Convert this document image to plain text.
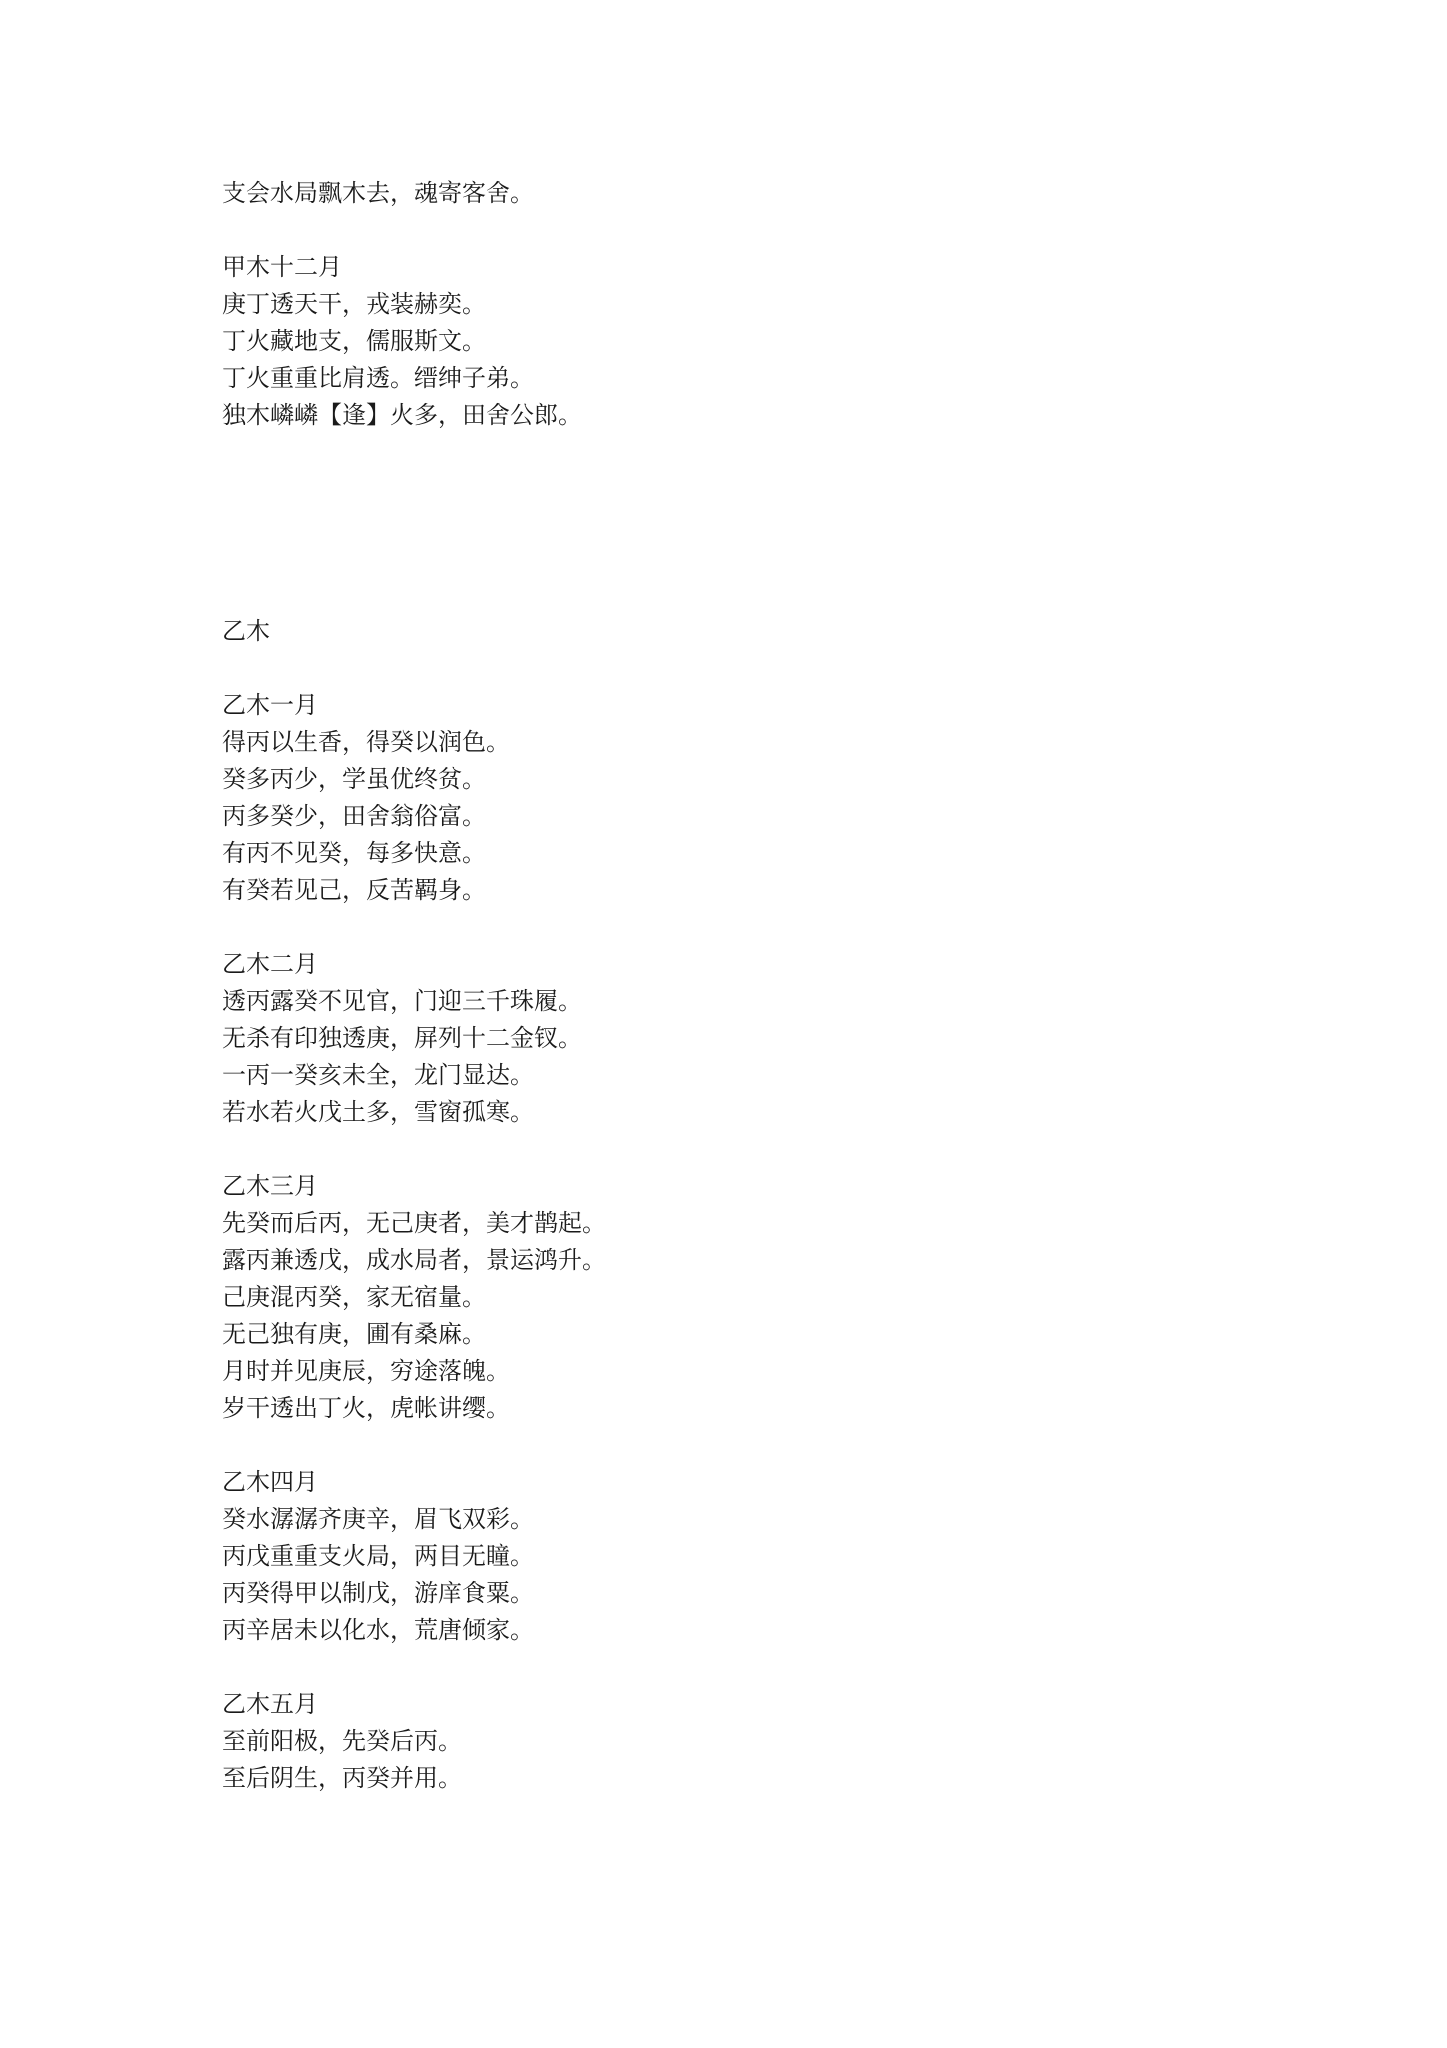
支会水局飘木去，魂寄客舍。
甲木十二月
庚丁透天干，戎装赫奕。
丁火藏地支，儒服斯文。
丁火重重比肩透。缙绅子弟。
独木嶙嶙【逢】火多，田舍公郎。
乙木
乙木一月
得丙以生香，得癸以润色。
癸多丙少，学虽优终贫。
丙多癸少，田舍翁俗富。
有丙不见癸，每多快意。
有癸若见己，反苦羁身。
乙木二月
透丙露癸不见官，门迎三千珠履。
无杀有印独透庚，屏列十二金钗。
一丙一癸亥未全，龙门显达。
若水若火戊土多，雪窗孤寒。
乙木三月
先癸而后丙，无己庚者，美才鹊起。
露丙兼透戊，成水局者，景运鸿升。
己庚混丙癸，家无宿量。
无己独有庚，圃有桑麻。
月时并见庚辰，穷途落魄。
岁干透出丁火，虎帐讲缨。
乙木四月
癸水潺潺齐庚辛，眉飞双彩。
丙戊重重支火局，两目无瞳。
丙癸得甲以制戊，游庠食粟。
丙辛居未以化水，荒唐倾家。
乙木五月
至前阳极，先癸后丙。
至后阴生，丙癸并用。
